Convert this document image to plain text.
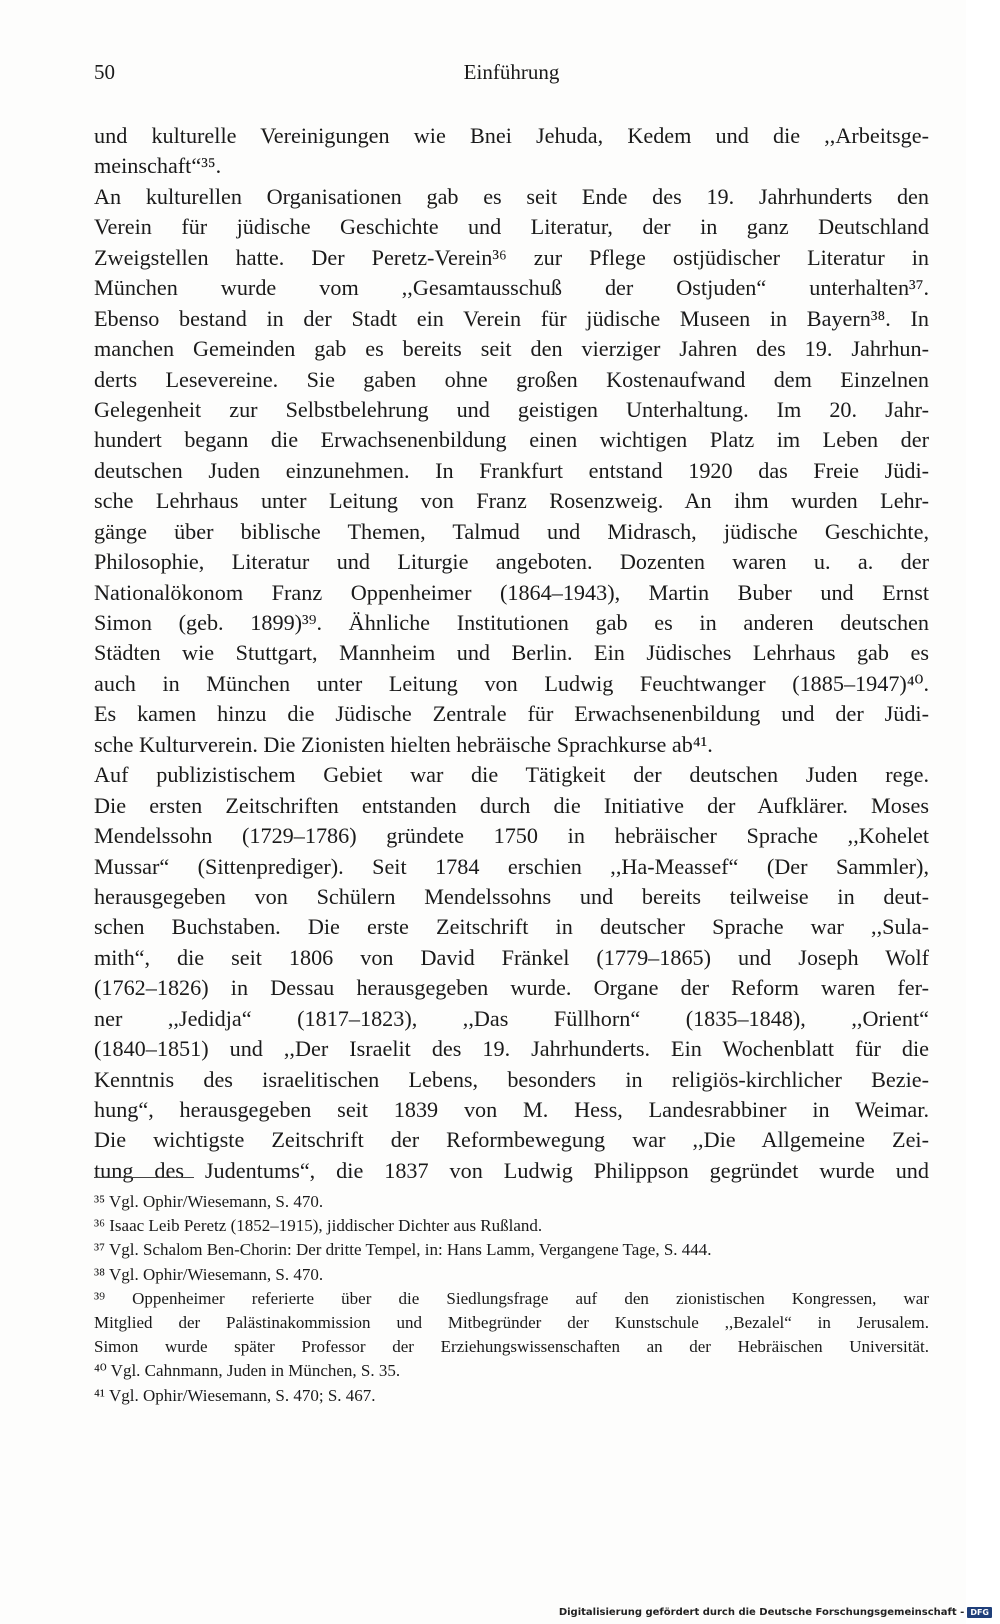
50	Einführung
und kulturelle Vereinigungen wie Bnei Jehuda, Kedem und die ,,Arbeitsge-
meinschaft“³⁵.
An kulturellen Organisationen gab es seit Ende des 19. Jahrhunderts den
Verein für jüdische Geschichte und Literatur, der in ganz Deutschland
Zweigstellen hatte. Der Peretz-Verein³⁶ zur Pflege ostjüdischer Literatur in
München wurde vom ,,Gesamtausschuß der Ostjuden“ unterhalten³⁷.
Ebenso bestand in der Stadt ein Verein für jüdische Museen in Bayern³⁸. In
manchen Gemeinden gab es bereits seit den vierziger Jahren des 19. Jahrhun-
derts Lesevereine. Sie gaben ohne großen Kostenaufwand dem Einzelnen
Gelegenheit zur Selbstbelehrung und geistigen Unterhaltung. Im 20. Jahr-
hundert begann die Erwachsenenbildung einen wichtigen Platz im Leben der
deutschen Juden einzunehmen. In Frankfurt entstand 1920 das Freie Jüdi-
sche Lehrhaus unter Leitung von Franz Rosenzweig. An ihm wurden Lehr-
gänge über biblische Themen, Talmud und Midrasch, jüdische Geschichte,
Philosophie, Literatur und Liturgie angeboten. Dozenten waren u. a. der
Nationalökonom Franz Oppenheimer (1864–1943), Martin Buber und Ernst
Simon (geb. 1899)³⁹. Ähnliche Institutionen gab es in anderen deutschen
Städten wie Stuttgart, Mannheim und Berlin. Ein Jüdisches Lehrhaus gab es
auch in München unter Leitung von Ludwig Feuchtwanger (1885–1947)⁴⁰.
Es kamen hinzu die Jüdische Zentrale für Erwachsenenbildung und der Jüdi-
sche Kulturverein. Die Zionisten hielten hebräische Sprachkurse ab⁴¹.
Auf publizistischem Gebiet war die Tätigkeit der deutschen Juden rege.
Die ersten Zeitschriften entstanden durch die Initiative der Aufklärer. Moses
Mendelssohn (1729–1786) gründete 1750 in hebräischer Sprache ,,Kohelet
Mussar“ (Sittenprediger). Seit 1784 erschien ,,Ha-Meassef“ (Der Sammler),
herausgegeben von Schülern Mendelssohns und bereits teilweise in deut-
schen Buchstaben. Die erste Zeitschrift in deutscher Sprache war ,,Sula-
mith“, die seit 1806 von David Fränkel (1779–1865) und Joseph Wolf
(1762–1826) in Dessau herausgegeben wurde. Organe der Reform waren fer-
ner ,,Jedidja“ (1817–1823), ,,Das Füllhorn“ (1835–1848), ,,Orient“
(1840–1851) und ,,Der Israelit des 19. Jahrhunderts. Ein Wochenblatt für die
Kenntnis des israelitischen Lebens, besonders in religiös-kirchlicher Bezie-
hung“, herausgegeben seit 1839 von M. Hess, Landesrabbiner in Weimar.
Die wichtigste Zeitschrift der Reformbewegung war ,,Die Allgemeine Zei-
tung des Judentums“, die 1837 von Ludwig Philippson gegründet wurde und
³⁵ Vgl. Ophir/Wiesemann, S. 470.
³⁶ Isaac Leib Peretz (1852–1915), jiddischer Dichter aus Rußland.
³⁷ Vgl. Schalom Ben-Chorin: Der dritte Tempel, in: Hans Lamm, Vergangene Tage, S. 444.
³⁸ Vgl. Ophir/Wiesemann, S. 470.
³⁹ Oppenheimer referierte über die Siedlungsfrage auf den zionistischen Kongressen, war
Mitglied der Palästinakommission und Mitbegründer der Kunstschule ,,Bezalel“ in Jerusalem.
Simon wurde später Professor der Erziehungswissenschaften an der Hebräischen Universität.
⁴⁰ Vgl. Cahnmann, Juden in München, S. 35.
⁴¹ Vgl. Ophir/Wiesemann, S. 470; S. 467.
Digitalisierung gefördert durch die Deutsche Forschungsgemeinschaft - DFG
